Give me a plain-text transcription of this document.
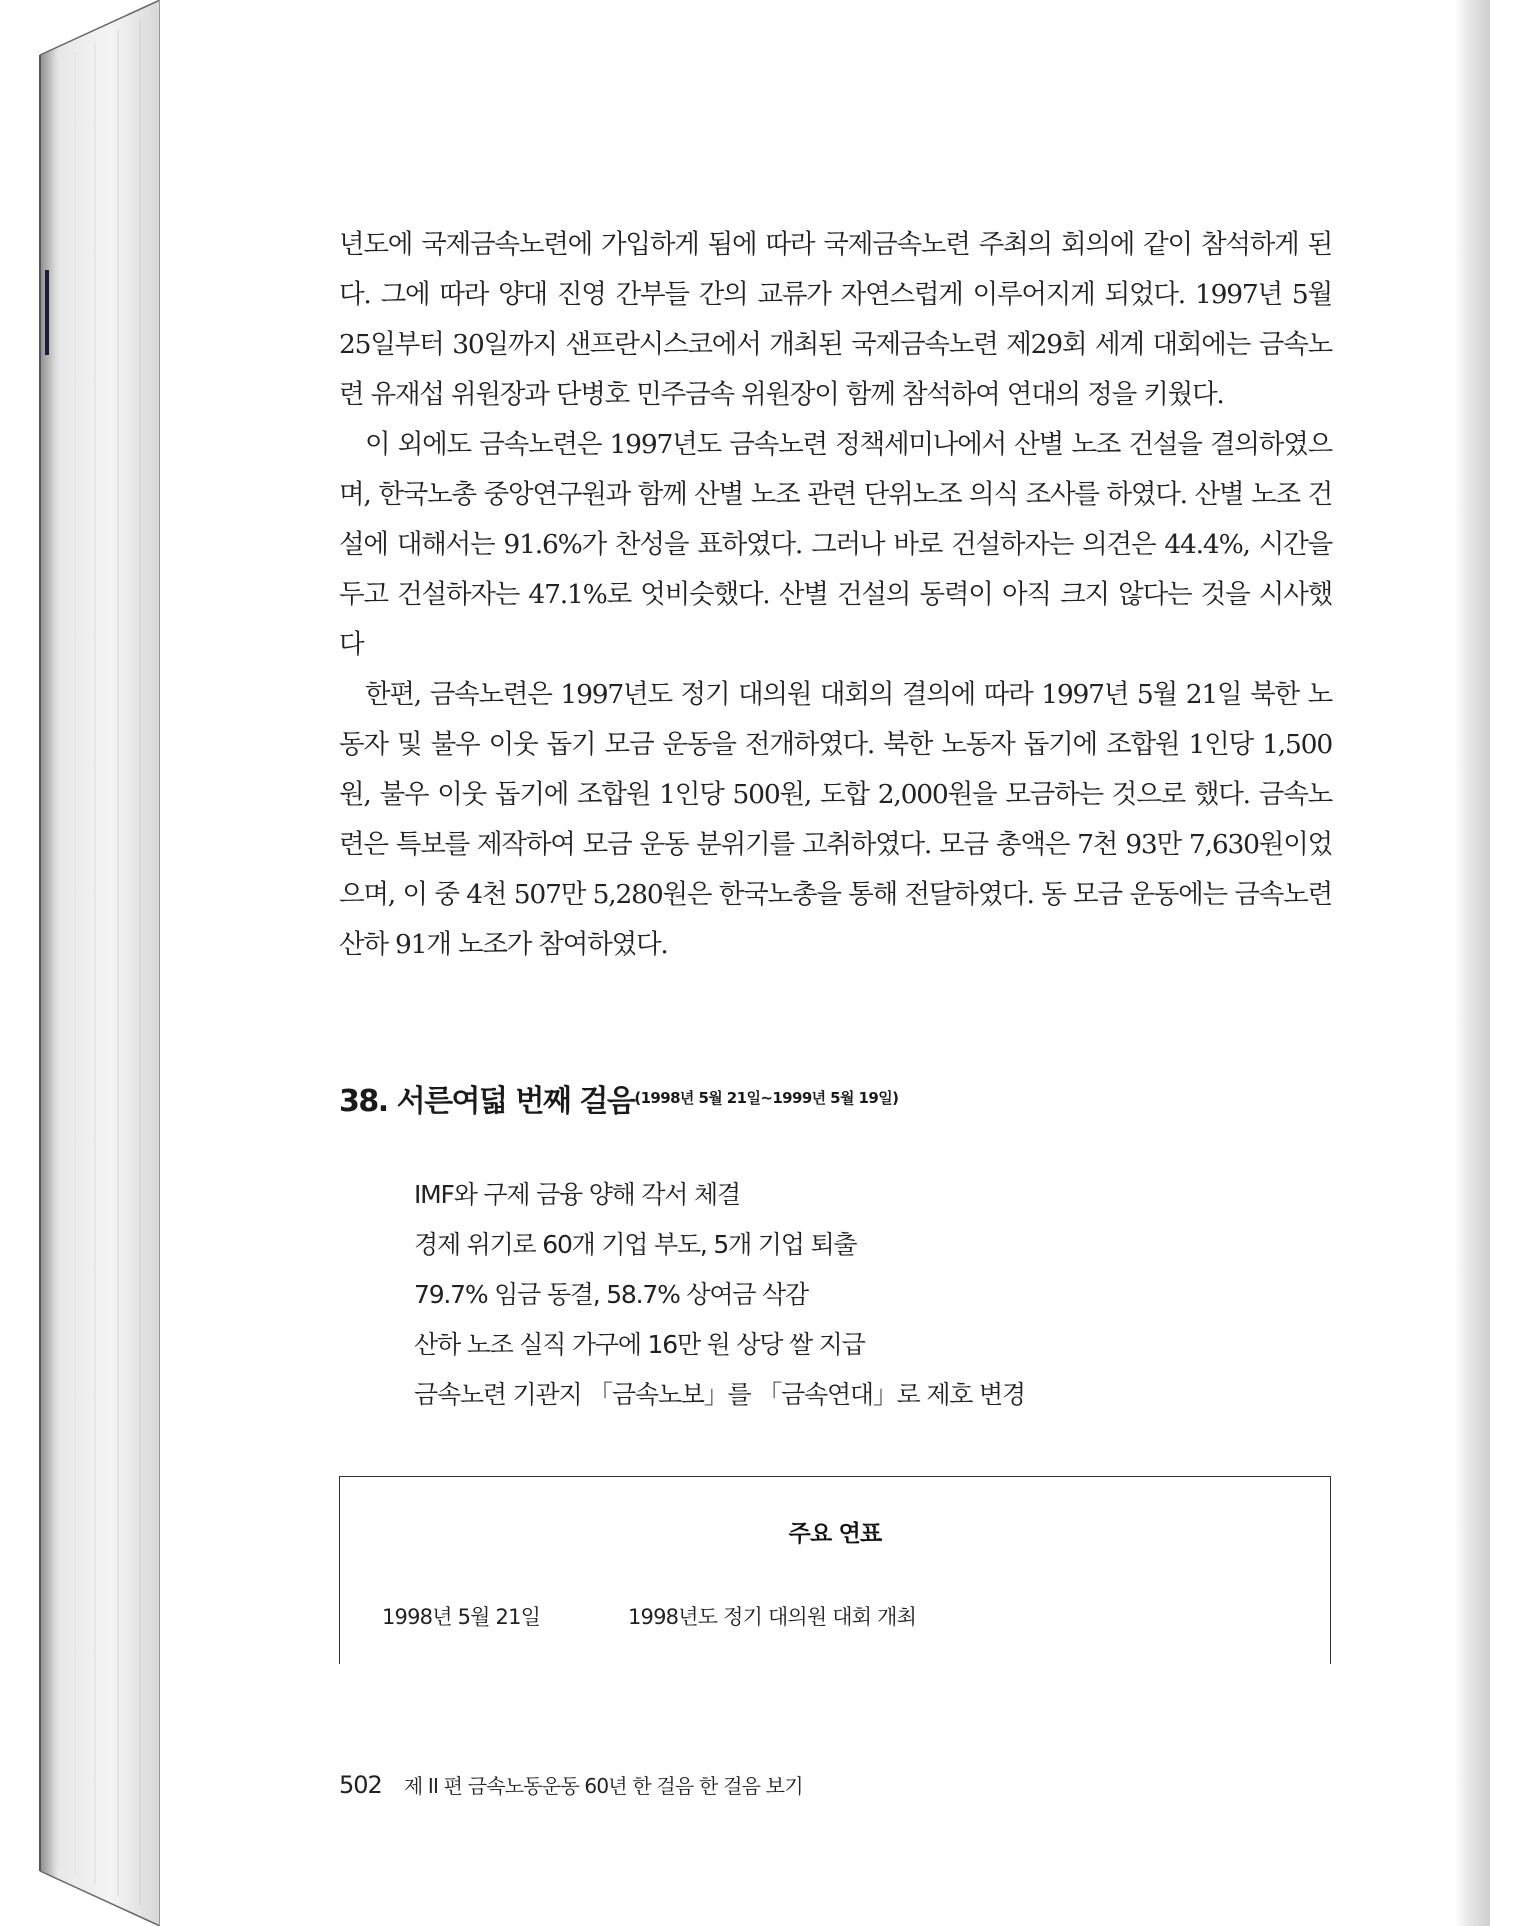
년도에 국제금속노련에 가입하게 됨에 따라 국제금속노련 주최의 회의에 같이 참석하게 된다. 그에 따라 양대 진영 간부들 간의 교류가 자연스럽게 이루어지게 되었다. 1997년 5월 25일부터 30일까지 샌프란시스코에서 개최된 국제금속노련 제29회 세계 대회에는 금속노련 유재섭 위원장과 단병호 민주금속 위원장이 함께 참석하여 연대의 정을 키웠다.

이 외에도 금속노련은 1997년도 금속노련 정책세미나에서 산별 노조 건설을 결의하였으며, 한국노총 중앙연구원과 함께 산별 노조 관련 단위노조 의식 조사를 하였다. 산별 노조 건설에 대해서는 91.6%가 찬성을 표하였다. 그러나 바로 건설하자는 의견은 44.4%, 시간을 두고 건설하자는 47.1%로 엇비슷했다. 산별 건설의 동력이 아직 크지 않다는 것을 시사했다

한편, 금속노련은 1997년도 정기 대의원 대회의 결의에 따라 1997년 5월 21일 북한 노동자 및 불우 이웃 돕기 모금 운동을 전개하였다. 북한 노동자 돕기에 조합원 1인당 1,500원, 불우 이웃 돕기에 조합원 1인당 500원, 도합 2,000원을 모금하는 것으로 했다. 금속노련은 특보를 제작하여 모금 운동 분위기를 고취하였다. 모금 총액은 7천 93만 7,630원이었으며, 이 중 4천 507만 5,280원은 한국노총을 통해 전달하였다. 동 모금 운동에는 금속노련 산하 91개 노조가 참여하였다.

38. 서른여덟 번째 걸음(1998년 5월 21일~1999년 5월 19일)
IMF와 구제 금융 양해 각서 체결
경제 위기로 60개 기업 부도, 5개 기업 퇴출
79.7% 임금 동결, 58.7% 상여금 삭감
산하 노조 실직 가구에 16만 원 상당 쌀 지급
금속노련 기관지 「금속노보」를 「금속연대」로 제호 변경
주요 연표
1998년 5월 21일	1998년도 정기 대의원 대회 개최
502 제 II 편 금속노동운동 60년 한 걸음 한 걸음 보기
